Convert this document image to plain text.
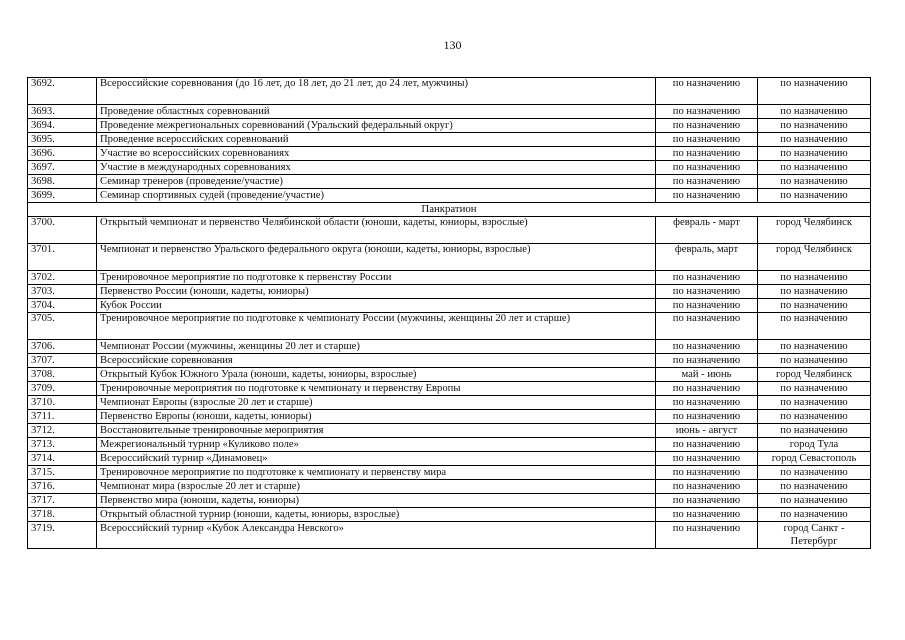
130
3692.	Всероссийские соревнования (до 16 лет, до 18 лет, до 21 лет, до 24 лет, мужчины)	по назначению	по назначению
3693.	Проведение областных соревнований	по назначению	по назначению
3694.	Проведение межрегиональных соревнований (Уральский федеральный округ)	по назначению	по назначению
3695.	Проведение всероссийских соревнований	по назначению	по назначению
3696.	Участие во всероссийских соревнованиях	по назначению	по назначению
3697.	Участие в международных соревнованиях	по назначению	по назначению
3698.	Семинар тренеров (проведение/участие)	по назначению	по назначению
3699.	Семинар спортивных судей (проведение/участие)	по назначению	по назначению
Панкратион			
3700.	Открытый чемпионат и первенство Челябинской области (юноши, кадеты, юниоры, взрослые)	февраль - март	город Челябинск
3701.	Чемпионат и первенство Уральского федерального округа (юноши, кадеты, юниоры, взрослые)	февраль, март	город Челябинск
3702.	Тренировочное мероприятие по подготовке к первенству России	по назначению	по назначению
3703.	Первенство России (юноши, кадеты, юниоры)	по назначению	по назначению
3704.	Кубок России	по назначению	по назначению
3705.	Тренировочное мероприятие по подготовке к чемпионату России (мужчины, женщины 20 лет и старше)	по назначению	по назначению
3706.	Чемпионат России (мужчины, женщины 20 лет и старше)	по назначению	по назначению
3707.	Всероссийские соревнования	по назначению	по назначению
3708.	Открытый Кубок Южного Урала (юноши, кадеты, юниоры, взрослые)	май - июнь	город Челябинск
3709.	Тренировочные мероприятия по подготовке к чемпионату и первенству Европы	по назначению	по назначению
3710.	Чемпионат Европы (взрослые 20 лет и старше)	по назначению	по назначению
3711.	Первенство Европы (юноши, кадеты, юниоры)	по назначению	по назначению
3712.	Восстановительные тренировочные мероприятия	июнь - август	по назначению
3713.	Межрегиональный турнир «Куликово поле»	по назначению	город Тула
3714.	Всероссийский турнир «Динамовец»	по назначению	город Севастополь
3715.	Тренировочное мероприятие по подготовке к чемпионату и первенству мира	по назначению	по назначению
3716.	Чемпионат мира (взрослые 20 лет и старше)	по назначению	по назначению
3717.	Первенство мира (юноши, кадеты, юниоры)	по назначению	по назначению
3718.	Открытый областной турнир (юноши, кадеты, юниоры, взрослые)	по назначению	по назначению
3719.	Всероссийский турнир «Кубок Александра Невского»	по назначению	город Санкт - Петербург
